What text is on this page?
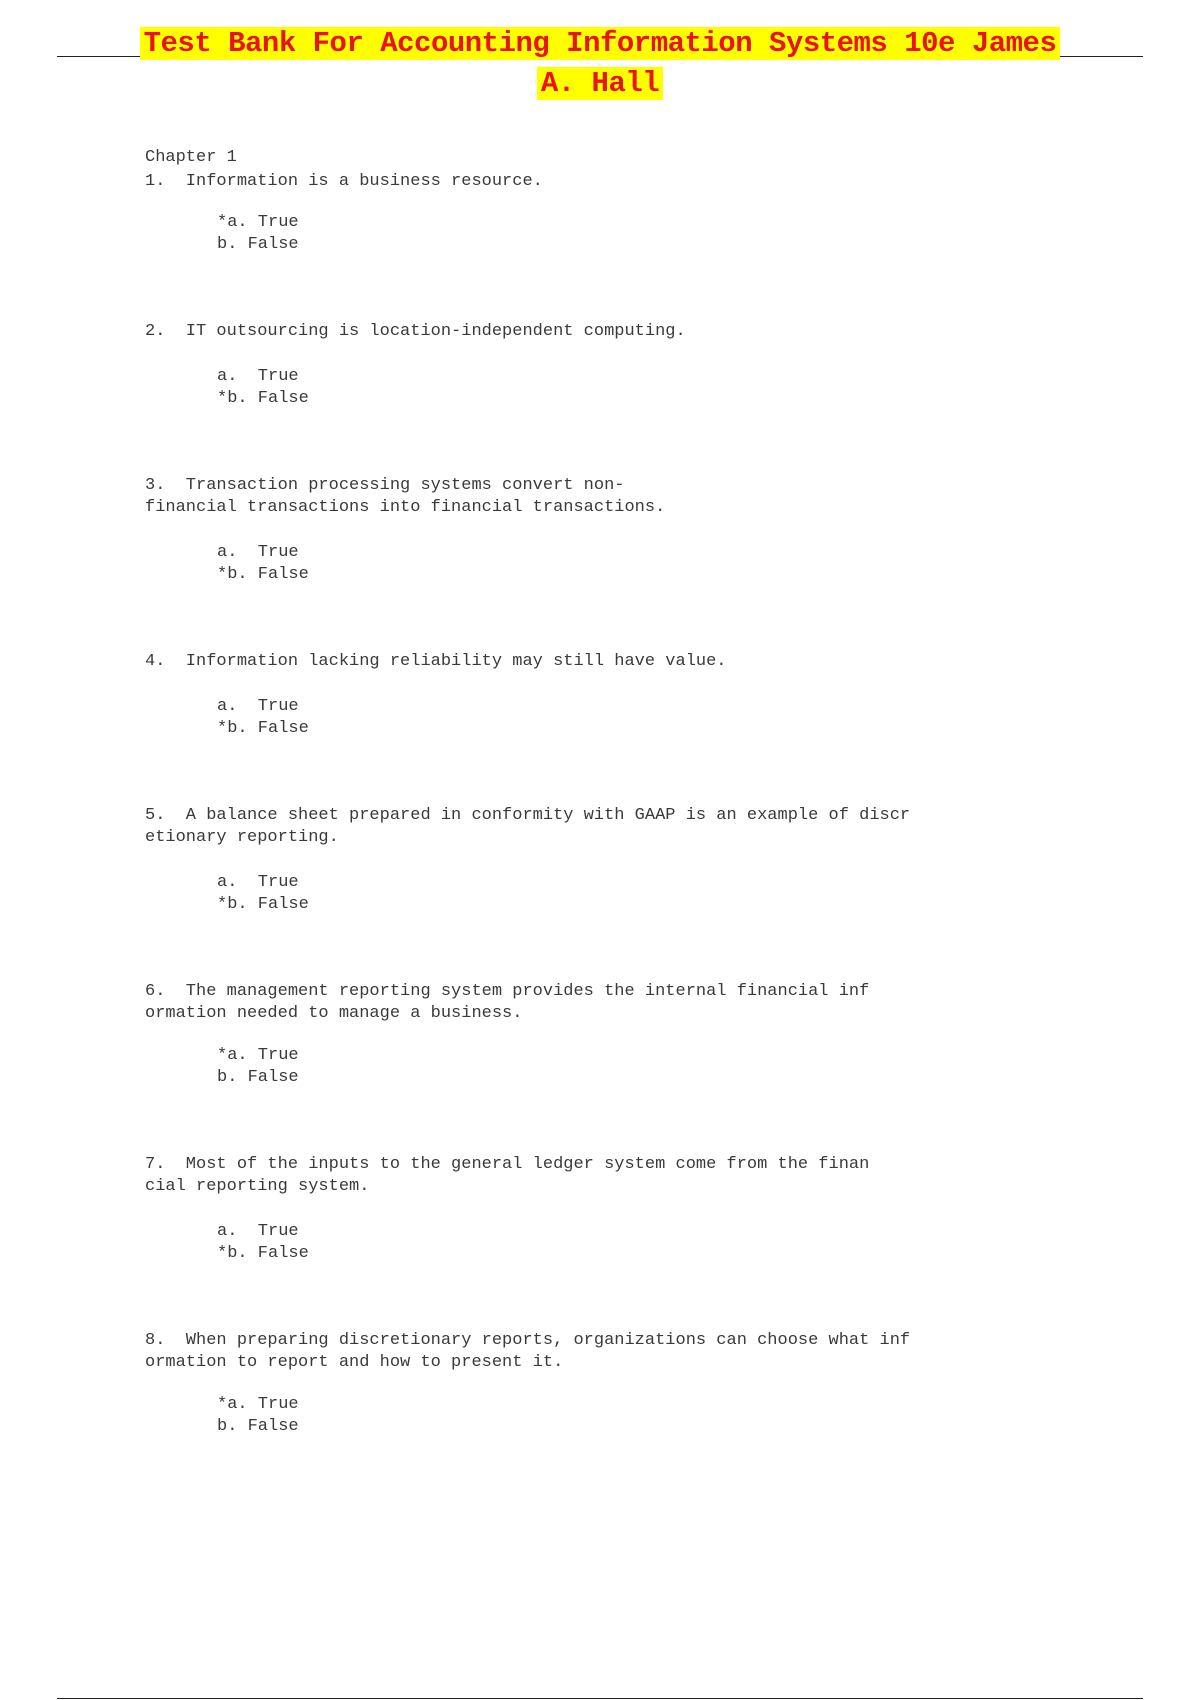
Test Bank For Accounting Information Systems 10e James
A. Hall
Chapter 1
1.  Information is a business resource.
*a. True
b. False
2.  IT outsourcing is location-independent computing.
a.  True
*b. False
3.  Transaction processing systems convert non-
financial transactions into financial transactions.
a.  True
*b. False
4.  Information lacking reliability may still have value.
a.  True
*b. False
5.  A balance sheet prepared in conformity with GAAP is an example of discr
etionary reporting.
a.  True
*b. False
6.  The management reporting system provides the internal financial inf
ormation needed to manage a business.
*a. True
b. False
7.  Most of the inputs to the general ledger system come from the finan
cial reporting system.
a.  True
*b. False
8.  When preparing discretionary reports, organizations can choose what inf
ormation to report and how to present it.
*a. True
b. False
